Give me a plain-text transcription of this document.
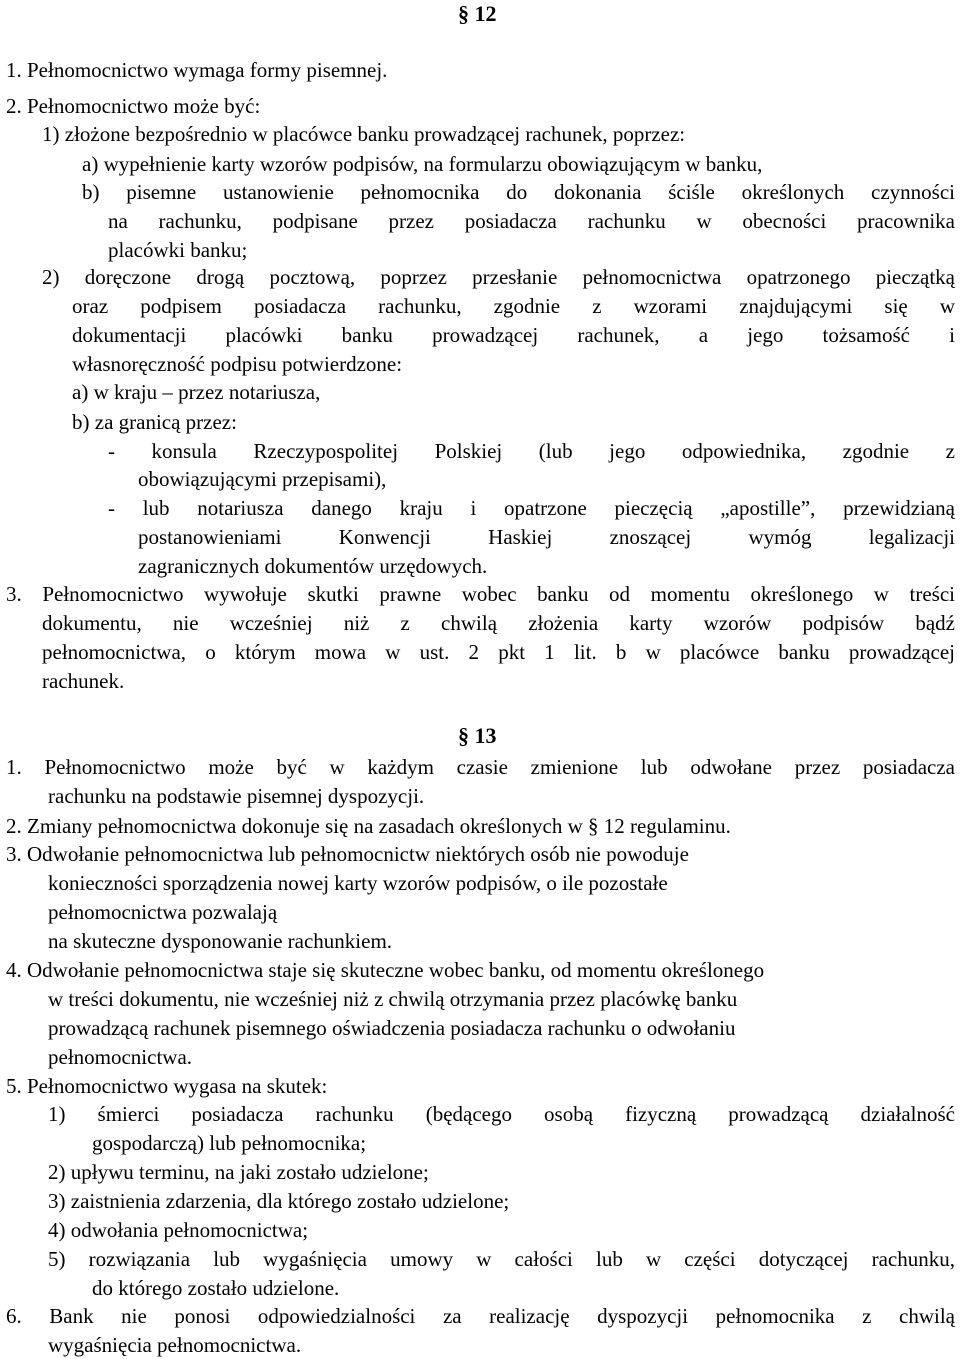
§ 12
1. Pełnomocnictwo wymaga formy pisemnej.
2. Pełnomocnictwo może być:
1) złożone bezpośrednio w placówce banku prowadzącej rachunek, poprzez:
a) wypełnienie karty wzorów podpisów, na formularzu obowiązującym w banku,
b) pisemne ustanowienie pełnomocnika do dokonania ściśle określonych czynności
na rachunku, podpisane przez posiadacza rachunku w obecności pracownika
placówki banku;
2) doręczone drogą pocztową, poprzez przesłanie pełnomocnictwa opatrzonego pieczątką
oraz podpisem posiadacza rachunku, zgodnie z wzorami znajdującymi się w
dokumentacji placówki banku prowadzącej rachunek, a jego tożsamość i
własnoręczność podpisu potwierdzone:
a) w kraju – przez notariusza,
b) za granicą przez:
- konsula Rzeczypospolitej Polskiej (lub jego odpowiednika, zgodnie z
obowiązującymi przepisami),
- lub notariusza danego kraju i opatrzone pieczęcią „apostille”, przewidzianą
postanowieniami Konwencji Haskiej znoszącej wymóg legalizacji
zagranicznych dokumentów urzędowych.
3. Pełnomocnictwo wywołuje skutki prawne wobec banku od momentu określonego w treści
dokumentu, nie wcześniej niż z chwilą złożenia karty wzorów podpisów bądź
pełnomocnictwa, o którym mowa w ust. 2 pkt 1 lit. b w placówce banku prowadzącej
rachunek.
§ 13
1. Pełnomocnictwo może być w każdym czasie zmienione lub odwołane przez posiadacza
rachunku na podstawie pisemnej dyspozycji.
2. Zmiany pełnomocnictwa dokonuje się na zasadach określonych w § 12 regulaminu.
3. Odwołanie pełnomocnictwa lub pełnomocnictw niektórych osób nie powoduje
konieczności sporządzenia nowej karty wzorów podpisów, o ile pozostałe
pełnomocnictwa pozwalają
na skuteczne dysponowanie rachunkiem.
4. Odwołanie pełnomocnictwa staje się skuteczne wobec banku, od momentu określonego
w treści dokumentu, nie wcześniej niż z chwilą otrzymania przez placówkę banku
prowadzącą rachunek pisemnego oświadczenia posiadacza rachunku o odwołaniu
pełnomocnictwa.
5. Pełnomocnictwo wygasa na skutek:
1) śmierci posiadacza rachunku (będącego osobą fizyczną prowadzącą działalność
gospodarczą) lub pełnomocnika;
2) upływu terminu, na jaki zostało udzielone;
3) zaistnienia zdarzenia, dla którego zostało udzielone;
4) odwołania pełnomocnictwa;
5) rozwiązania lub wygaśnięcia umowy w całości lub w części dotyczącej rachunku,
do którego zostało udzielone.
6. Bank nie ponosi odpowiedzialności za realizację dyspozycji pełnomocnika z chwilą
wygaśnięcia pełnomocnictwa.
